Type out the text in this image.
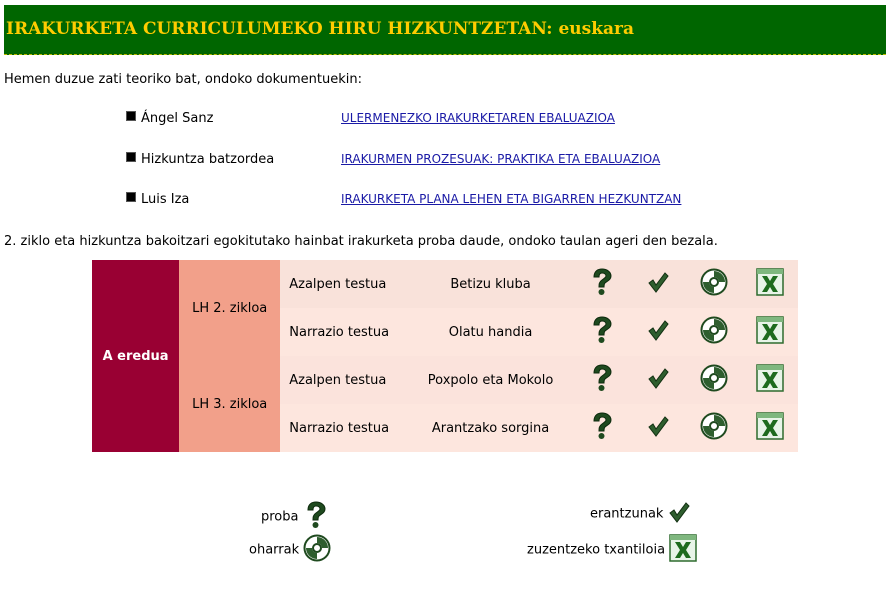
IRAKURKETA CURRICULUMEKO HIRU HIZKUNTZETAN: euskara
Hemen duzue zati teoriko bat, ondoko dokumentuekin:
Ángel Sanz	ULERMENEZKO IRAKURKETAREN EBALUAZIOA
Hizkuntza batzordea	IRAKURMEN PROZESUAK: PRAKTIKA ETA EBALUAZIOA
Luis Iza	IRAKURKETA PLANA LEHEN ETA BIGARREN HEZKUNTZAN
2. ziklo eta hizkuntza bakoitzari egokitutako hainbat irakurketa proba daude, ondoko taulan ageri den bezala.
A eredua	LH 2. zikloa	Azalpen testua	Betizu kluba				
		Narrazio testua	Olatu handia				
	LH 3. zikloa	Azalpen testua	Poxpolo eta Mokolo				
		Narrazio testua	Arantzako sorgina				
proba	erantzunak
oharrak	zuzentzeko txantiloia
